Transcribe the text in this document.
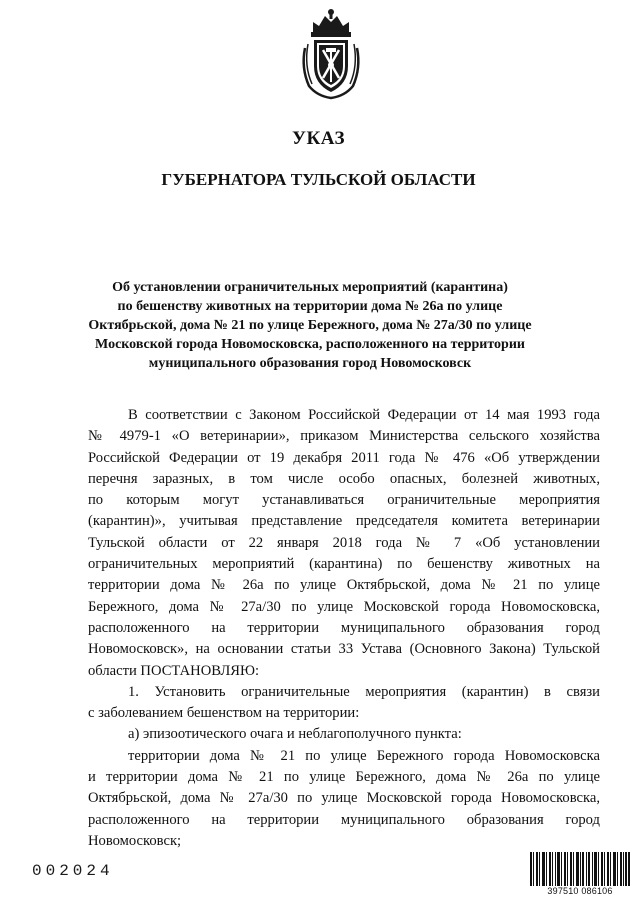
УКАЗ
ГУБЕРНАТОРА ТУЛЬСКОЙ ОБЛАСТИ
Об установлении ограничительных мероприятий (карантина)
по бешенству животных на территории дома № 26а по улице
Октябрьской, дома № 21 по улице Бережного, дома № 27а/30 по улице
Московской города Новомосковска, расположенного на территории
муниципального образования город Новомосковск
В соответствии с Законом Российской Федерации от 14 мая 1993 года
№ 4979-1 «О ветеринарии», приказом Министерства сельского хозяйства
Российской Федерации от 19 декабря 2011 года № 476 «Об утверждении
перечня заразных, в том числе особо опасных, болезней животных,
по которым могут устанавливаться ограничительные мероприятия
(карантин)», учитывая представление председателя комитета ветеринарии
Тульской области от 22 января 2018 года № 7 «Об установлении
ограничительных мероприятий (карантина) по бешенству животных на
территории дома № 26а по улице Октябрьской, дома № 21 по улице
Бережного, дома № 27а/30 по улице Московской города Новомосковска,
расположенного на территории муниципального образования город
Новомосковск», на основании статьи 33 Устава (Основного Закона) Тульской
области ПОСТАНОВЛЯЮ:
1. Установить ограничительные мероприятия (карантин) в связи
с заболеванием бешенством на территории:
а) эпизоотического очага и неблагополучного пункта:
территории дома № 21 по улице Бережного города Новомосковска
и территории дома № 21 по улице Бережного, дома № 26а по улице
Октябрьской, дома № 27а/30 по улице Московской города Новомосковска,
расположенного на территории муниципального образования город
Новомосковск;
002024
397510 086106
